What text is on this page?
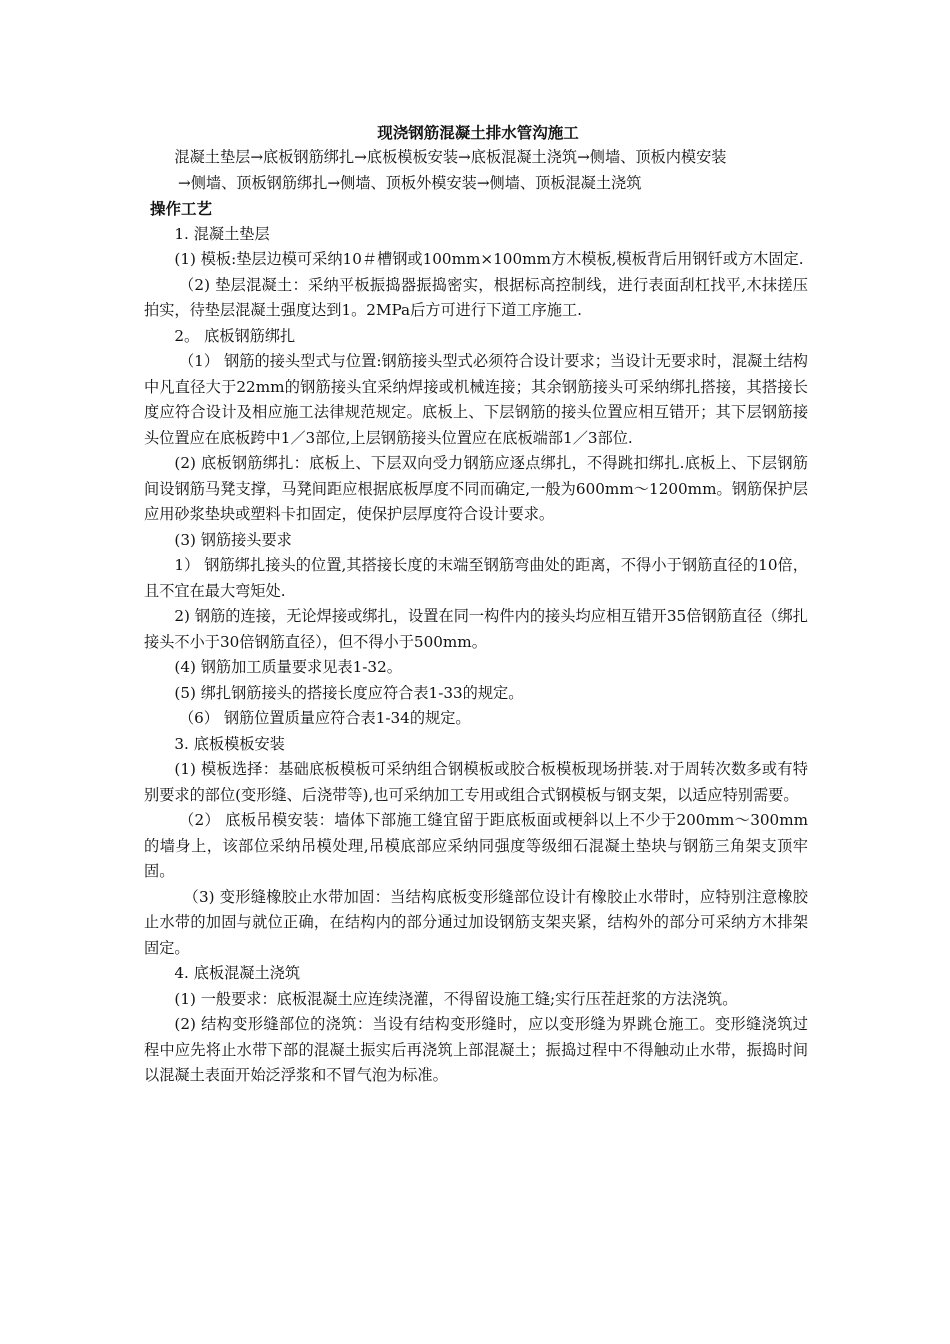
现浇钢筋混凝土排水管沟施工

混凝土垫层→底板钢筋绑扎→底板模板安装→底板混凝土浇筑→侧墙、顶板内模安装

→侧墙、顶板钢筋绑扎→侧墙、顶板外模安装→侧墙、顶板混凝土浇筑

操作工艺

1. 混凝土垫层

(1) 模板:垫层边模可采纳10＃槽钢或100mm×100mm方木模板,模板背后用钢钎或方木固定.

（2) 垫层混凝土：采纳平板振捣器振捣密实，根据标高控制线，进行表面刮杠找平,木抹搓压拍实，待垫层混凝土强度达到1。2MPa后方可进行下道工序施工.

2。 底板钢筋绑扎

（1） 钢筋的接头型式与位置:钢筋接头型式必须符合设计要求；当设计无要求时，混凝土结构中凡直径大于22mm的钢筋接头宜采纳焊接或机械连接；其余钢筋接头可采纳绑扎搭接，其搭接长度应符合设计及相应施工法律规范规定。底板上、下层钢筋的接头位置应相互错开；其下层钢筋接头位置应在底板跨中1／3部位,上层钢筋接头位置应在底板端部1／3部位.

(2) 底板钢筋绑扎：底板上、下层双向受力钢筋应逐点绑扎，不得跳扣绑扎.底板上、下层钢筋间设钢筋马凳支撑，马凳间距应根据底板厚度不同而确定,一般为600mm～1200mm。钢筋保护层应用砂浆垫块或塑料卡扣固定，使保护层厚度符合设计要求。

(3) 钢筋接头要求

1） 钢筋绑扎接头的位置,其搭接长度的末端至钢筋弯曲处的距离，不得小于钢筋直径的10倍，且不宜在最大弯矩处.

2) 钢筋的连接，无论焊接或绑扎，设置在同一构件内的接头均应相互错开35倍钢筋直径（绑扎接头不小于30倍钢筋直径），但不得小于500mm。

(4) 钢筋加工质量要求见表1-32。

(5) 绑扎钢筋接头的搭接长度应符合表1-33的规定。

（6） 钢筋位置质量应符合表1-34的规定。

3. 底板模板安装

(1) 模板选择：基础底板模板可采纳组合钢模板或胶合板模板现场拼装.对于周转次数多或有特别要求的部位(变形缝、后浇带等),也可采纳加工专用或组合式钢模板与钢支架，以适应特别需要。

（2） 底板吊模安装：墙体下部施工缝宜留于距底板面或梗斜以上不少于200mm～300mm的墙身上，该部位采纳吊模处理,吊模底部应采纳同强度等级细石混凝土垫块与钢筋三角架支顶牢固。

（3) 变形缝橡胶止水带加固：当结构底板变形缝部位设计有橡胶止水带时，应特别注意橡胶止水带的加固与就位正确，在结构内的部分通过加设钢筋支架夹紧，结构外的部分可采纳方木排架固定。

4. 底板混凝土浇筑

(1) 一般要求：底板混凝土应连续浇灌，不得留设施工缝;实行压茬赶浆的方法浇筑。

(2) 结构变形缝部位的浇筑：当设有结构变形缝时，应以变形缝为界跳仓施工。变形缝浇筑过程中应先将止水带下部的混凝土振实后再浇筑上部混凝土；振捣过程中不得触动止水带，振捣时间以混凝土表面开始泛浮浆和不冒气泡为标准。
